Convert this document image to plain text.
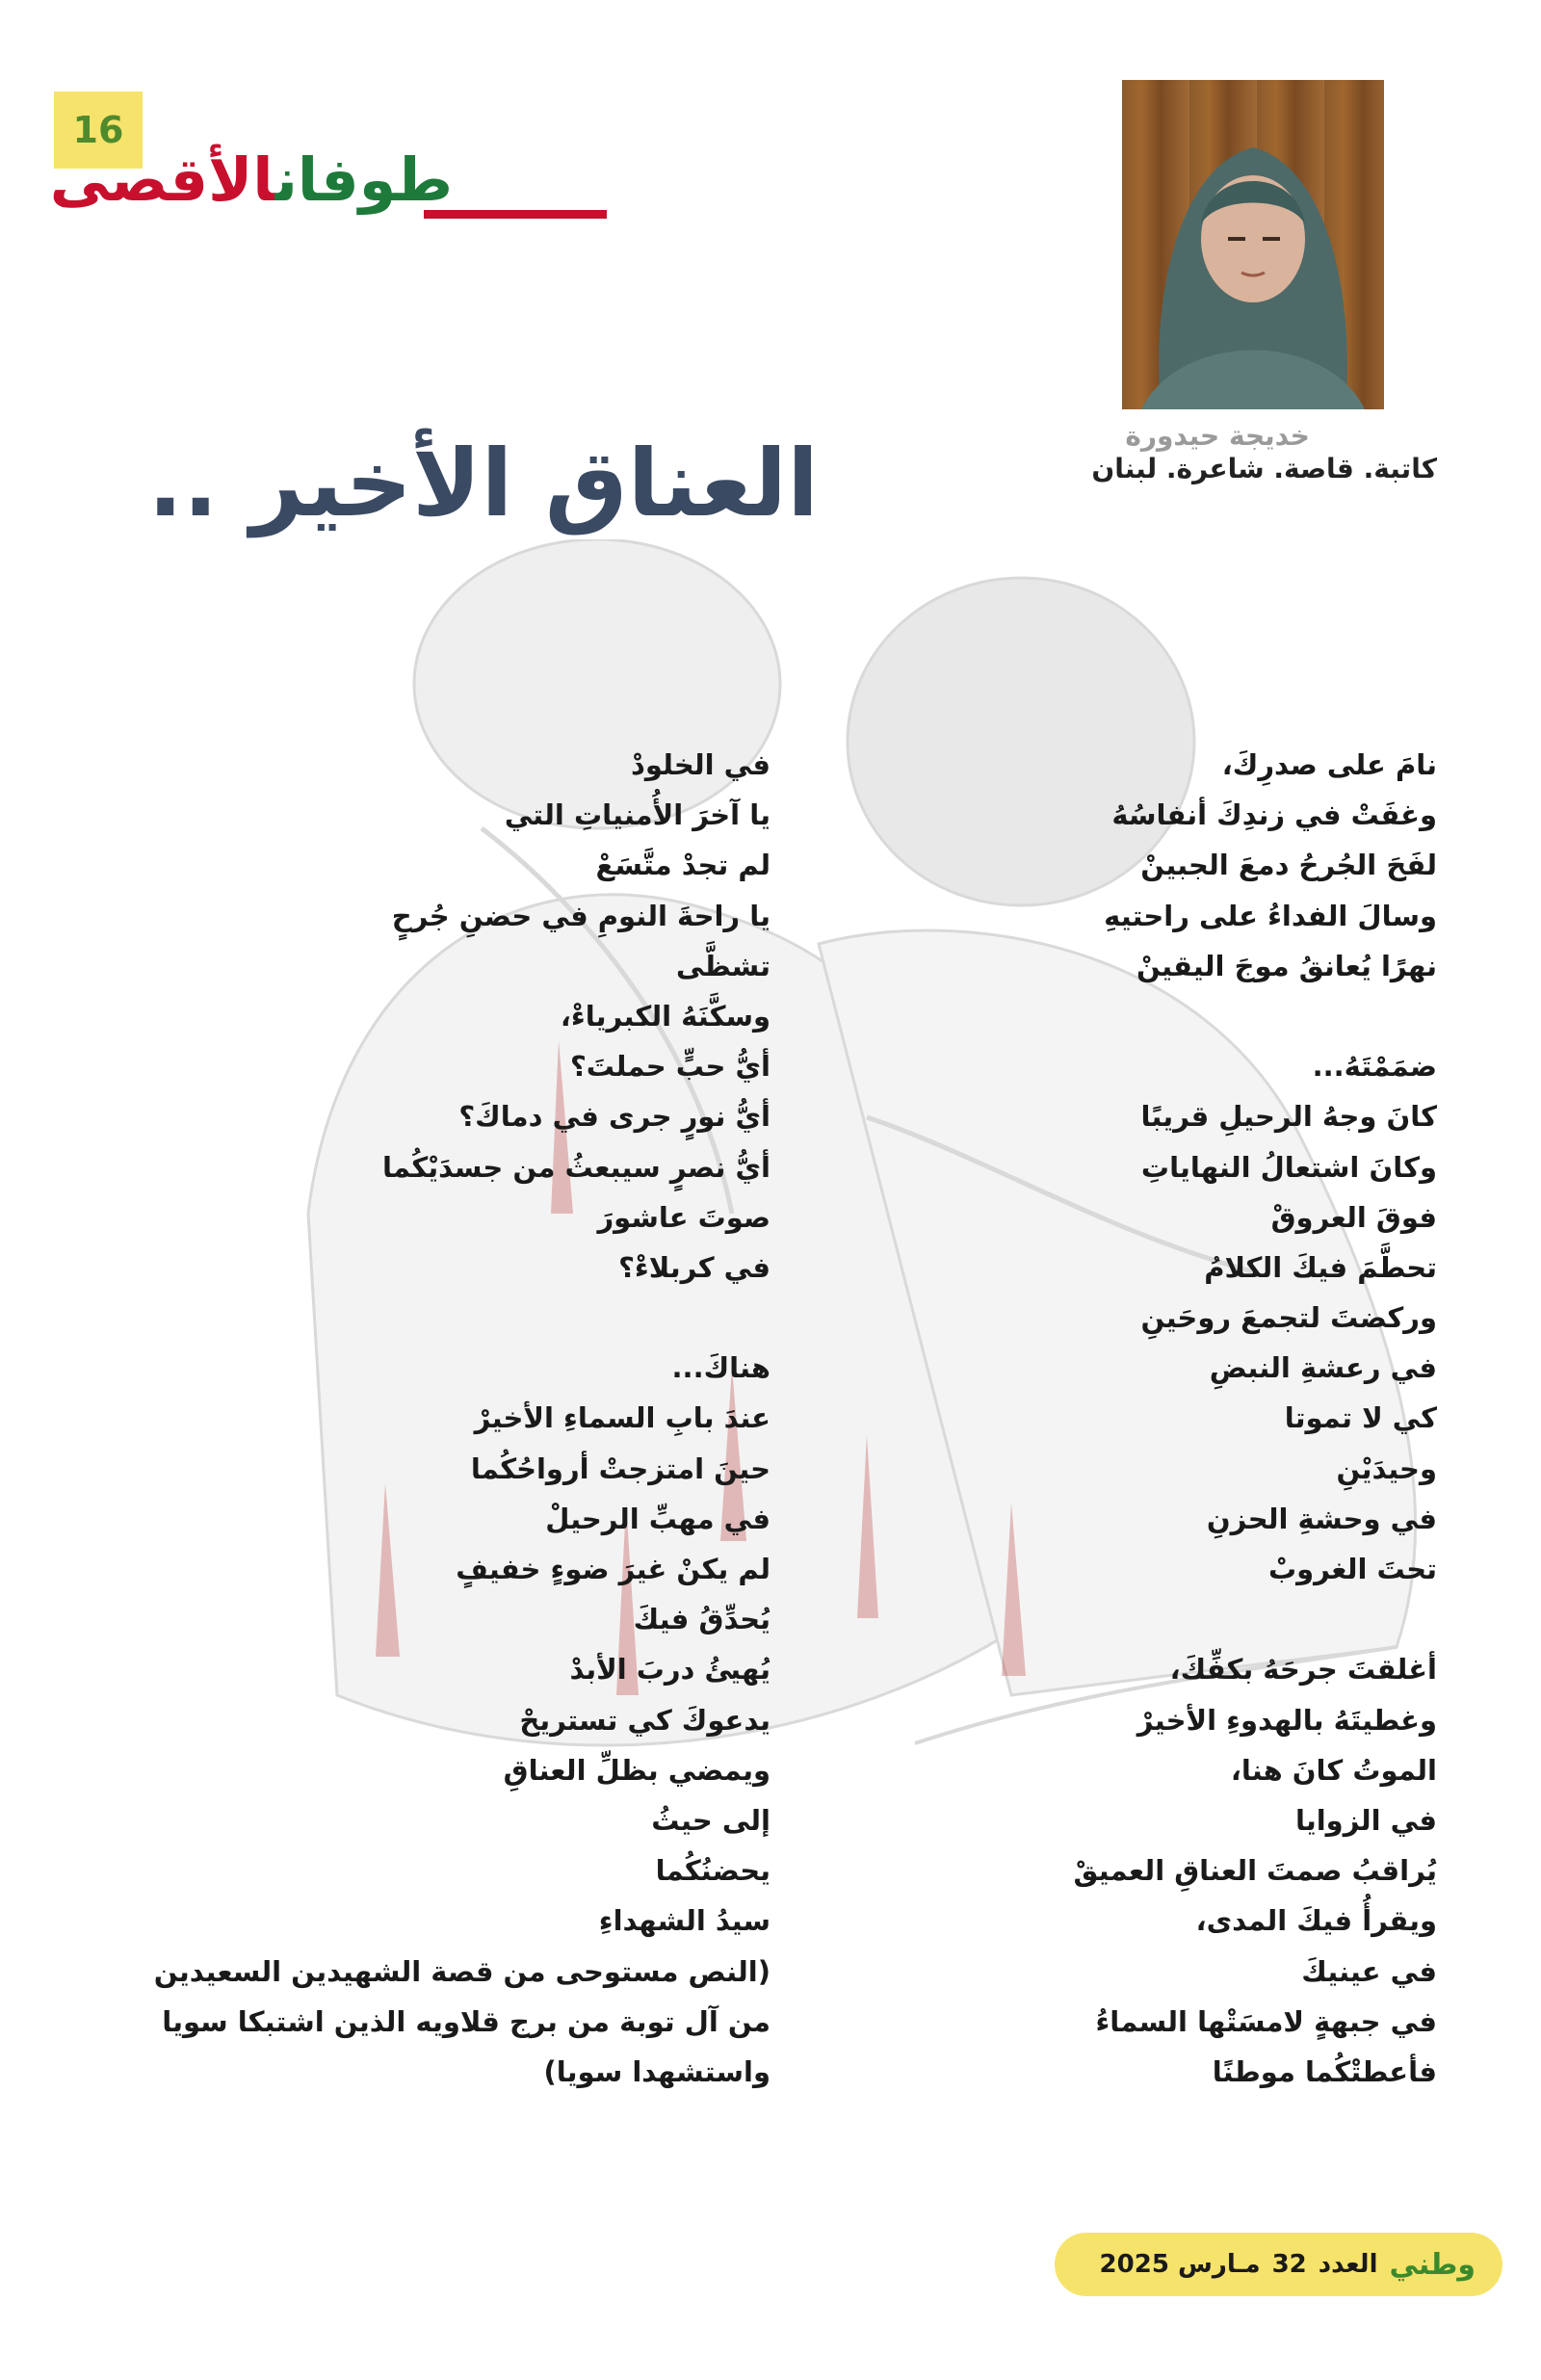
16
طوفانالأقصى
خديجة حيدورة
كاتبة. قاصة. شاعرة. لبنان
العناق الأخير ..
نامَ على صدرِكَ،
وغفَتْ في زندِكَ أنفاسُهُ
لفَحَ الجُرحُ دمعَ الجبينْ
وسالَ الفداءُ على راحتيهِ
نهرًا يُعانقُ موجَ اليقينْ
ضمَمْتَهُ...
كانَ وجهُ الرحيلِ قريبًا
وكانَ اشتعالُ النهاياتِ
فوقَ العروقْ
تحطَّمَ فيكَ الكلامُ
وركضتَ لتجمعَ روحَينِ
في رعشةِ النبضِ
كي لا تموتا
وحيدَيْنِ
في وحشةِ الحزنِ
تحتَ الغروبْ
أغلقتَ جرحَهُ بكفِّكَ،
وغطيتَهُ بالهدوءِ الأخيرْ
الموتُ كانَ هنا،
في الزوايا
يُراقبُ صمتَ العناقِ العميقْ
ويقرأُ فيكَ المدى،
في عينيكَ
في جبهةٍ لامسَتْها السماءُ
فأعطتْكُما موطنًا
في الخلودْ
يا آخرَ الأُمنياتِ التي
لم تجدْ متَّسَعْ
يا راحةَ النومِ في حضنِ جُرحٍ
تشظَّى
وسكَّنَهُ الكبرياءْ،
أيُّ حبٍّ حملتَ؟
أيُّ نورٍ جرى في دماكَ؟
أيُّ نصرٍ سيبعثُ من جسدَيْكُما
صوتَ عاشورَ
في كربلاءْ؟
هناكَ...
عندَ بابِ السماءِ الأخيرْ
حينَ امتزجتْ أرواحُكُما
في مهبِّ الرحيلْ
لم يكنْ غيرَ ضوءٍ خفيفٍ
يُحدِّقُ فيكَ
يُهيئُ دربَ الأبدْ
يدعوكَ كي تستريحْ
ويمضي بظلِّ العناقِ
إلى حيثُ
يحضنُكُما
سيدُ الشهداءِ
(النص مستوحى من قصة الشهيدين السعيدين
من آل توبة من برج قلاويه الذين اشتبكا سويا
واستشهدا سويا)
وطني
العدد
32
مـارس 2025
